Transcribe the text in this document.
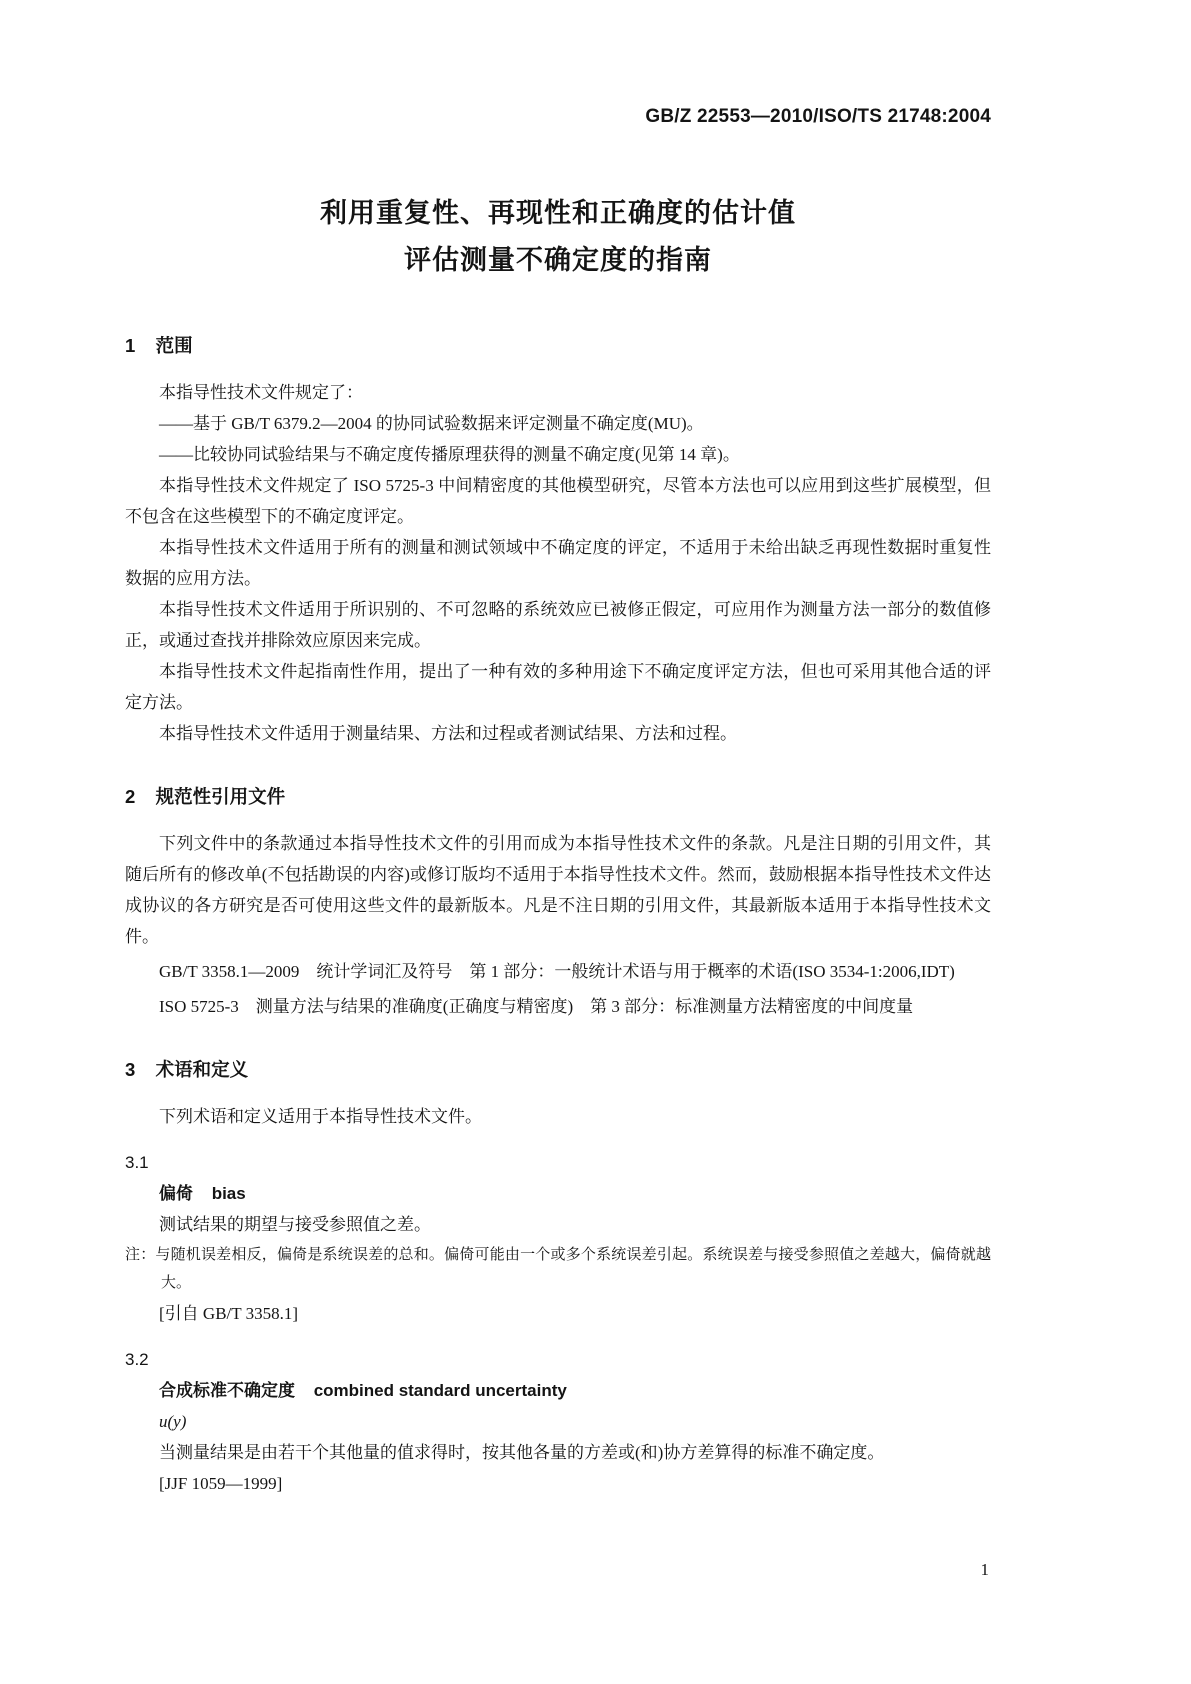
GB/Z 22553—2010/ISO/TS 21748:2004
利用重复性、再现性和正确度的估计值
评估测量不确定度的指南
1 范围

本指导性技术文件规定了：

——基于 GB/T 6379.2—2004 的协同试验数据来评定测量不确定度(MU)。

——比较协同试验结果与不确定度传播原理获得的测量不确定度(见第 14 章)。

本指导性技术文件规定了 ISO 5725-3 中间精密度的其他模型研究，尽管本方法也可以应用到这些扩展模型，但不包含在这些模型下的不确定度评定。

本指导性技术文件适用于所有的测量和测试领域中不确定度的评定，不适用于未给出缺乏再现性数据时重复性数据的应用方法。

本指导性技术文件适用于所识别的、不可忽略的系统效应已被修正假定，可应用作为测量方法一部分的数值修正，或通过查找并排除效应原因来完成。

本指导性技术文件起指南性作用，提出了一种有效的多种用途下不确定度评定方法，但也可采用其他合适的评定方法。

本指导性技术文件适用于测量结果、方法和过程或者测试结果、方法和过程。

2 规范性引用文件

下列文件中的条款通过本指导性技术文件的引用而成为本指导性技术文件的条款。凡是注日期的引用文件，其随后所有的修改单(不包括勘误的内容)或修订版均不适用于本指导性技术文件。然而，鼓励根据本指导性技术文件达成协议的各方研究是否可使用这些文件的最新版本。凡是不注日期的引用文件，其最新版本适用于本指导性技术文件。

GB/T 3358.1—2009　统计学词汇及符号　第 1 部分：一般统计术语与用于概率的术语(ISO 3534-1:2006,IDT)

ISO 5725-3　测量方法与结果的准确度(正确度与精密度)　第 3 部分：标准测量方法精密度的中间度量

3 术语和定义

下列术语和定义适用于本指导性技术文件。

3.1
偏倚 bias

测试结果的期望与接受参照值之差。

注：与随机误差相反，偏倚是系统误差的总和。偏倚可能由一个或多个系统误差引起。系统误差与接受参照值之差越大，偏倚就越大。
[引自 GB/T 3358.1]
3.2
合成标准不确定度 combined standard uncertainty
u(y)

当测量结果是由若干个其他量的值求得时，按其他各量的方差或(和)协方差算得的标准不确定度。

[JJF 1059—1999]
1
